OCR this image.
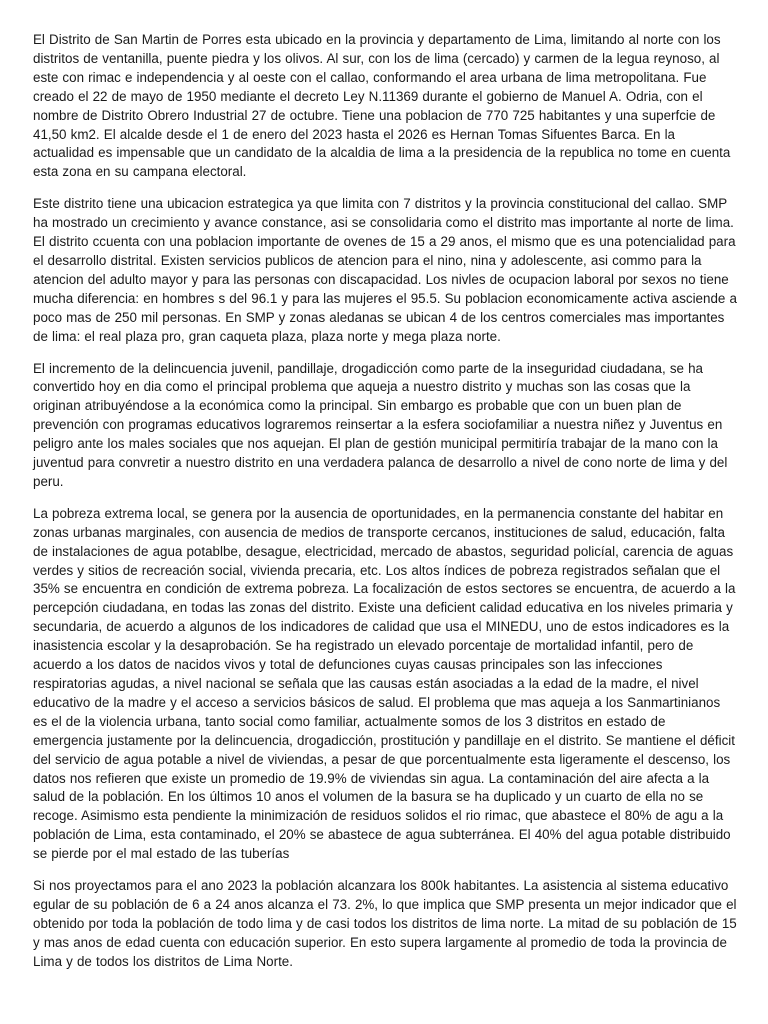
El Distrito de San Martin de Porres esta ubicado en la provincia y departamento de Lima, limitando al norte con los distritos de ventanilla, puente piedra y los olivos. Al sur, con los de lima (cercado) y carmen de la legua reynoso, al este con rimac e independencia y al oeste con el callao, conformando el area urbana de lima metropolitana. Fue creado el 22 de mayo de 1950 mediante el decreto Ley N.11369 durante el gobierno de Manuel A. Odria, con el nombre de Distrito Obrero Industrial 27 de octubre. Tiene una poblacion de 770 725 habitantes y una superfcie de 41,50 km2. El alcalde desde el 1 de enero del 2023 hasta el 2026 es Hernan Tomas Sifuentes Barca. En la actualidad es impensable que un candidato de la alcaldia de lima a la presidencia de la republica no tome en cuenta esta zona en su campana electoral.

Este distrito tiene una ubicacion estrategica ya que limita con 7 distritos y la provincia constitucional del callao. SMP ha mostrado un crecimiento y avance constance, asi se consolidaria como el distrito mas importante al norte de lima. El distrito ccuenta con una poblacion importante de ovenes de 15 a 29 anos, el mismo que es una potencialidad para el desarrollo distrital. Existen servicios publicos de atencion para el nino, nina y adolescente, asi commo para la atencion del adulto mayor y para las personas con discapacidad. Los nivles de ocupacion laboral por sexos no tiene mucha diferencia: en hombres s del 96.1 y para las mujeres el 95.5. Su poblacion economicamente activa asciende a poco mas de 250 mil personas. En SMP y zonas aledanas se ubican 4 de los centros comerciales mas importantes de lima: el real plaza pro, gran caqueta plaza, plaza norte y mega plaza norte.

El incremento de la delincuencia juvenil, pandillaje, drogadicción como parte de la inseguridad ciudadana, se ha convertido hoy en dia como el principal problema que aqueja a nuestro distrito y muchas son las cosas que la originan atribuyéndose a la económica como la principal. Sin embargo es probable que con un buen plan de prevención con programas educativos lograremos reinsertar a la esfera sociofamiliar a nuestra niñez y Juventus en peligro ante los males sociales que nos aquejan. El plan de gestión municipal permitiría trabajar de la mano con la juventud para convretir a nuestro distrito en una verdadera palanca de desarrollo a nivel de cono norte de lima y del peru.

La pobreza extrema local, se genera por la ausencia de oportunidades, en la permanencia constante del habitar en zonas urbanas marginales, con ausencia de medios de transporte cercanos, instituciones de salud, educación, falta de instalaciones de agua potablbe, desague, electricidad, mercado de abastos, seguridad policíal, carencia de aguas verdes y sitios de recreación social, vivienda precaria, etc. Los altos índices de pobreza registrados señalan que el 35% se encuentra en condición de extrema pobreza. La focalización de estos sectores se encuentra, de acuerdo a la percepción ciudadana, en todas las zonas del distrito. Existe una deficient calidad educativa en los niveles primaria y secundaria, de acuerdo a algunos de los indicadores de calidad que usa el MINEDU, uno de estos indicadores es la inasistencia escolar y la desaprobación. Se ha registrado un elevado porcentaje de mortalidad infantil, pero de acuerdo a los datos de nacidos vivos y total de defunciones cuyas causas principales son las infecciones respiratorias agudas, a nivel nacional se señala que las causas están asociadas a la edad de la madre, el nivel educativo de la madre y el acceso a servicios básicos de salud. El problema que mas aqueja a los Sanmartinianos es el de la violencia urbana, tanto social como familiar, actualmente somos de los 3 distritos en estado de emergencia justamente por la delincuencia, drogadicción, prostitución y pandillaje en el distrito. Se mantiene el déficit del servicio de agua potable a nivel de viviendas, a pesar de que porcentualmente esta ligeramente el descenso, los datos nos refieren que existe un promedio de 19.9% de viviendas sin agua. La contaminación del aire afecta a la salud de la población. En los últimos 10 anos el volumen de la basura se ha duplicado y un cuarto de ella no se recoge. Asimismo esta pendiente la minimización de residuos solidos el rio rimac, que abastece el 80% de agu a la población de Lima, esta contaminado, el 20% se abastece de agua subterránea. El 40% del agua potable distribuido se pierde por el mal estado de las tuberías

Si nos proyectamos para el ano 2023 la población alcanzara los 800k habitantes. La asistencia al sistema educativo egular de su población de 6 a 24 anos alcanza el 73. 2%, lo que implica que SMP presenta un mejor indicador que el obtenido por toda la población de todo lima y de casi todos los distritos de lima norte. La mitad de su población de 15 y mas anos de edad cuenta con educación superior. En esto supera largamente al promedio de toda la provincia de Lima y de todos los distritos de Lima Norte.
